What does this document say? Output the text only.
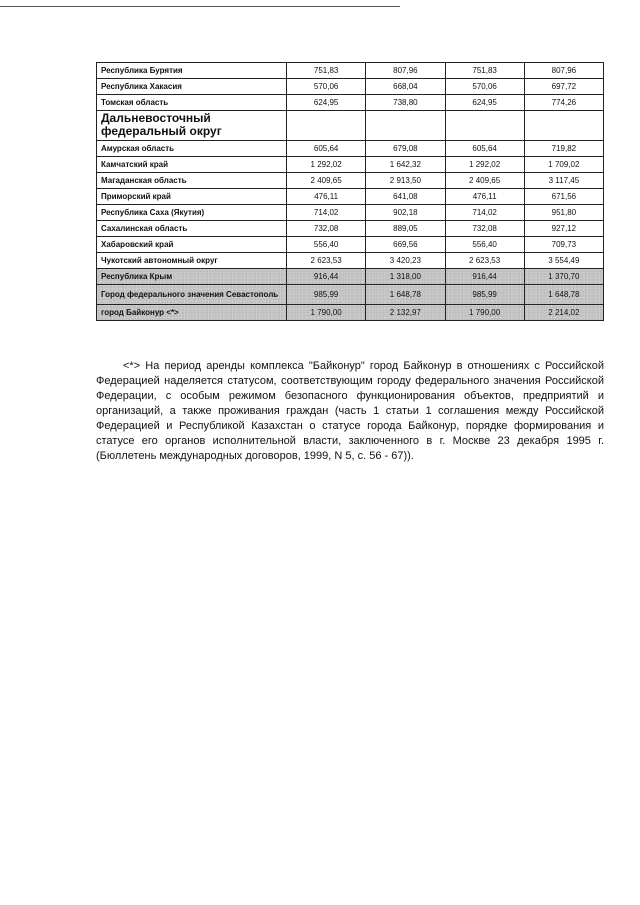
Республика Бурятия	751,83	807,96	751,83	807,96
Республика Хакасия	570,06	668,04	570,06	697,72
Томская область	624,95	738,80	624,95	774,26
Дальневосточный федеральный округ				
Амурская область	605,64	679,08	605,64	719,82
Камчатский край	1 292,02	1 642,32	1 292,02	1 709,02
Магаданская область	2 409,65	2 913,50	2 409,65	3 117,45
Приморский край	476,11	641,08	476,11	671,56
Республика Саха (Якутия)	714,02	902,18	714,02	951,80
Сахалинская область	732,08	889,05	732,08	927,12
Хабаровский край	556,40	669,56	556,40	709,73
Чукотский автономный округ	2 623,53	3 420,23	2 623,53	3 554,49
Республика Крым	916,44	1 318,00	916,44	1 370,70
Город федерального значения Севастополь	985,99	1 648,78	985,99	1 648,78
город Байконур <*>	1 790,00	2 132,97	1 790,00	2 214,02

<*> На период аренды комплекса "Байконур" город Байконур в отношениях с Российской Федерацией наделяется статусом, соответствующим городу федерального значения Российской Федерации, с особым режимом безопасного функционирования объектов, предприятий и организаций, а также проживания граждан (часть 1 статьи 1 соглашения между Российской Федерацией и Республикой Казахстан о статусе города Байконур, порядке формирования и статусе его органов исполнительной власти, заключенного в г. Москве 23 декабря 1995 г. (Бюллетень международных договоров, 1999, N 5, с. 56 - 67)).
